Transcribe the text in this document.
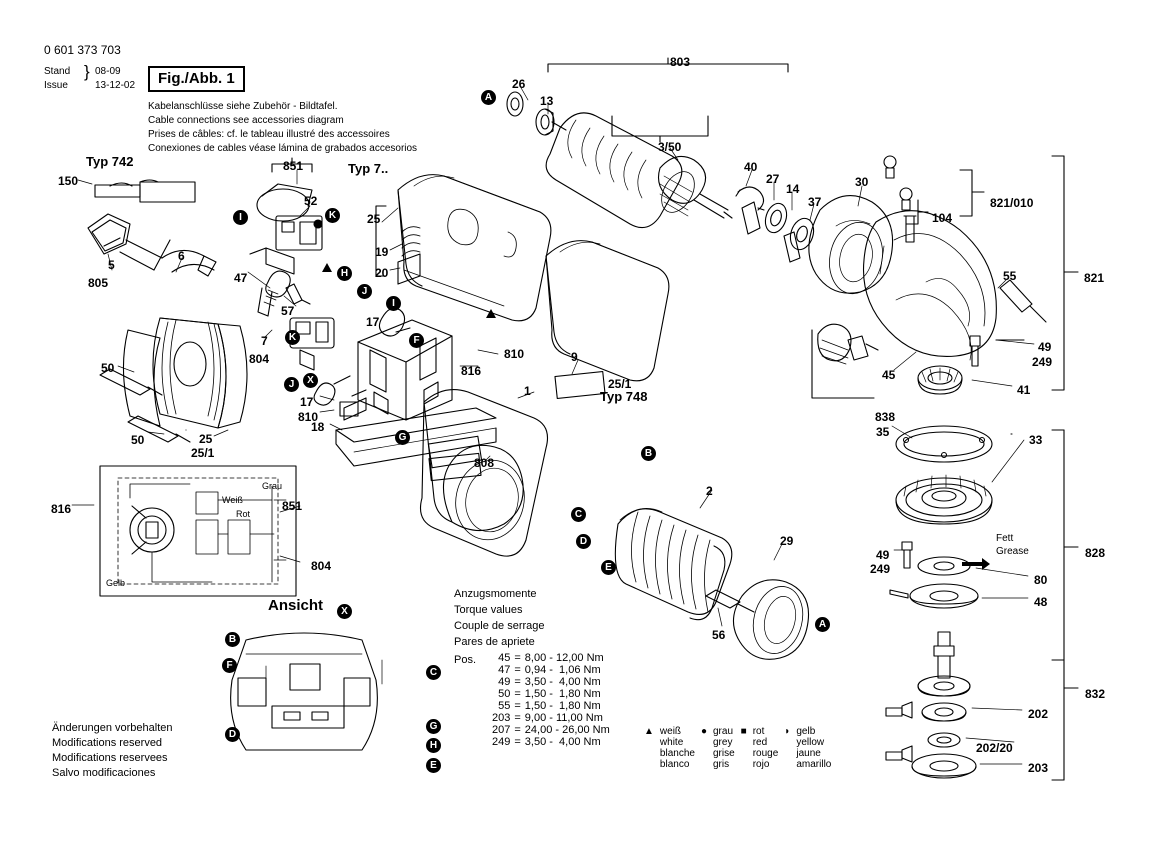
0 601 373 703
Stand
Issue
} 08-09
13-12-02	Fig./Abb. 1
Kabelanschlüsse siehe Zubehör - Bildtafel.
Cable connections see accessories diagram
Prises de câbles: cf. le tableau illustré des accessoires
Conexiones de cables véase lámina de grabados accesorios
Typ 742	Typ 7..
Typ 748
Ansicht
Grau
Weiß
Rot
Gelb
Fett
Grease
Anzugsmomente
Torque values
Couple de serrage
Pares de apriete
Pos. 45	=	8,00 - 12,00 Nm
47	=	0,94 -  1,06 Nm
49	=	3,50 -  4,00 Nm
50	=	1,50 -  1,80 Nm
55	=	1,50 -  1,80 Nm
203	=	9,00 - 11,00 Nm
207	=	24,00 - 26,00 Nm
249	=	3,50 -  4,00 Nm
▲	weiß	●	grau	■	rot	◗	gelb
	white		grey		red		yellow
	blanche		grise		rouge		jaune
	blanco		gris		rojo		amarillo
Änderungen vorbehalten
Modifications reserved
Modifications reservees
Salvo modificaciones
150
805
5
6
47
7
57
52
851
804
17
17
810
810
816
816	851
804
50
50	25
25/1
18
808
25
19
20
1
9
25/1
2
29
56
26
13
803
3/50
40
27
14
37
30
104
821/010
821
55
49
249
45
41
838
35
33
828
49
249
80
48
832
202
202/20
203
A
I	K
H
J
I
K	F
J	X
G
B
C
D
E
A
X
B
F
C
D
G
H
E
